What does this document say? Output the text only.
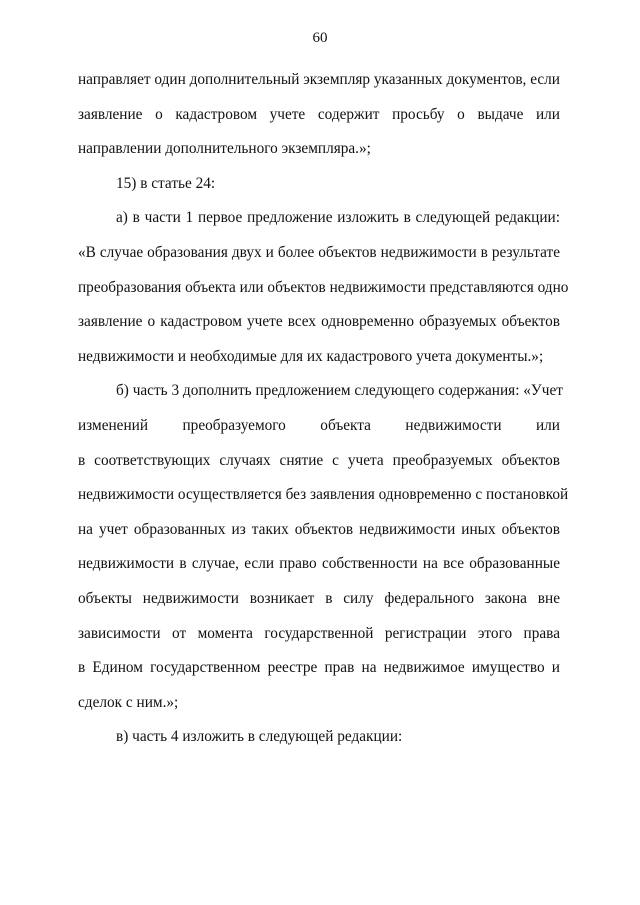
60
направляет один дополнительный экземпляр указанных документов, если
заявление о кадастровом учете содержит просьбу о выдаче или
направлении дополнительного экземпляра.»;
15) в статье 24:
а) в части 1 первое предложение изложить в следующей редакции:
«В случае образования двух и более объектов недвижимости в результате
преобразования объекта или объектов недвижимости представляются одно
заявление о кадастровом учете всех одновременно образуемых объектов
недвижимости и необходимые для их кадастрового учета документы.»;
б) часть 3 дополнить предложением следующего содержания: «Учет
изменений преобразуемого объекта недвижимости или
в соответствующих случаях снятие с учета преобразуемых объектов
недвижимости осуществляется без заявления одновременно с постановкой
на учет образованных из таких объектов недвижимости иных объектов
недвижимости в случае, если право собственности на все образованные
объекты недвижимости возникает в силу федерального закона вне
зависимости от момента государственной регистрации этого права
в Едином государственном реестре прав на недвижимое имущество и
сделок с ним.»;
в) часть 4 изложить в следующей редакции:
